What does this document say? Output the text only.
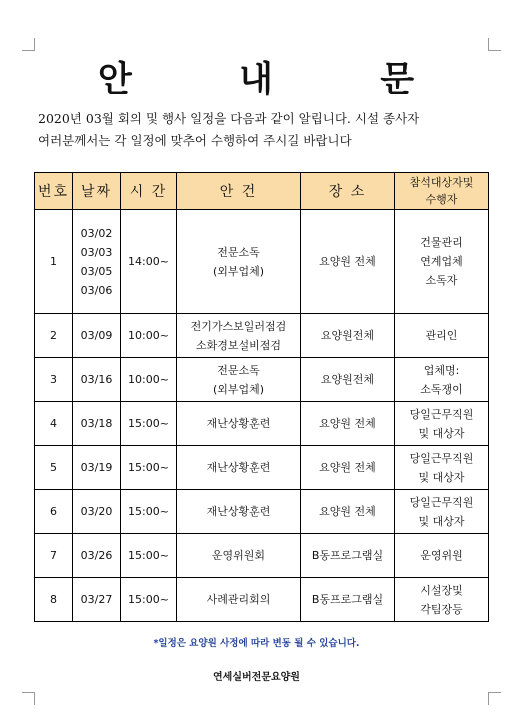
안	내	문

2020년 03월 회의 및 행사 일정을 다음과 같이 알립니다. 시설 종사자

여러분께서는 각 일정에 맞추어 수행하여 주시길 바랍니다

번호	날짜	시 간	안 건	장 소	참석대상자및
수행자

1	03/02
03/03
03/05
03/06	14:00~	전문소독
(외부업체)	요양원 전체	건물관리
연계업체
소독자

2	03/09	10:00~	전기가스보일러점검
소화경보설비점검	요양원전체	관리인

3	03/16	10:00~	전문소독
(외부업체)	요양원전체	업체명:
소독쟁이

4	03/18	15:00~	재난상황훈련	요양원 전체	당일근무직원
및 대상자

5	03/19	15:00~	재난상황훈련	요양원 전체	당일근무직원
및 대상자

6	03/20	15:00~	재난상황훈련	요양원 전체	당일근무직원
및 대상자

7	03/26	15:00~	운영위원회	B동프로그램실	운영위원

8	03/27	15:00~	사례관리회의	B동프로그램실	시설장및
각팀장등
*일정은 요양원 사정에 따라 변동 될 수 있습니다.
연세실버전문요양원
